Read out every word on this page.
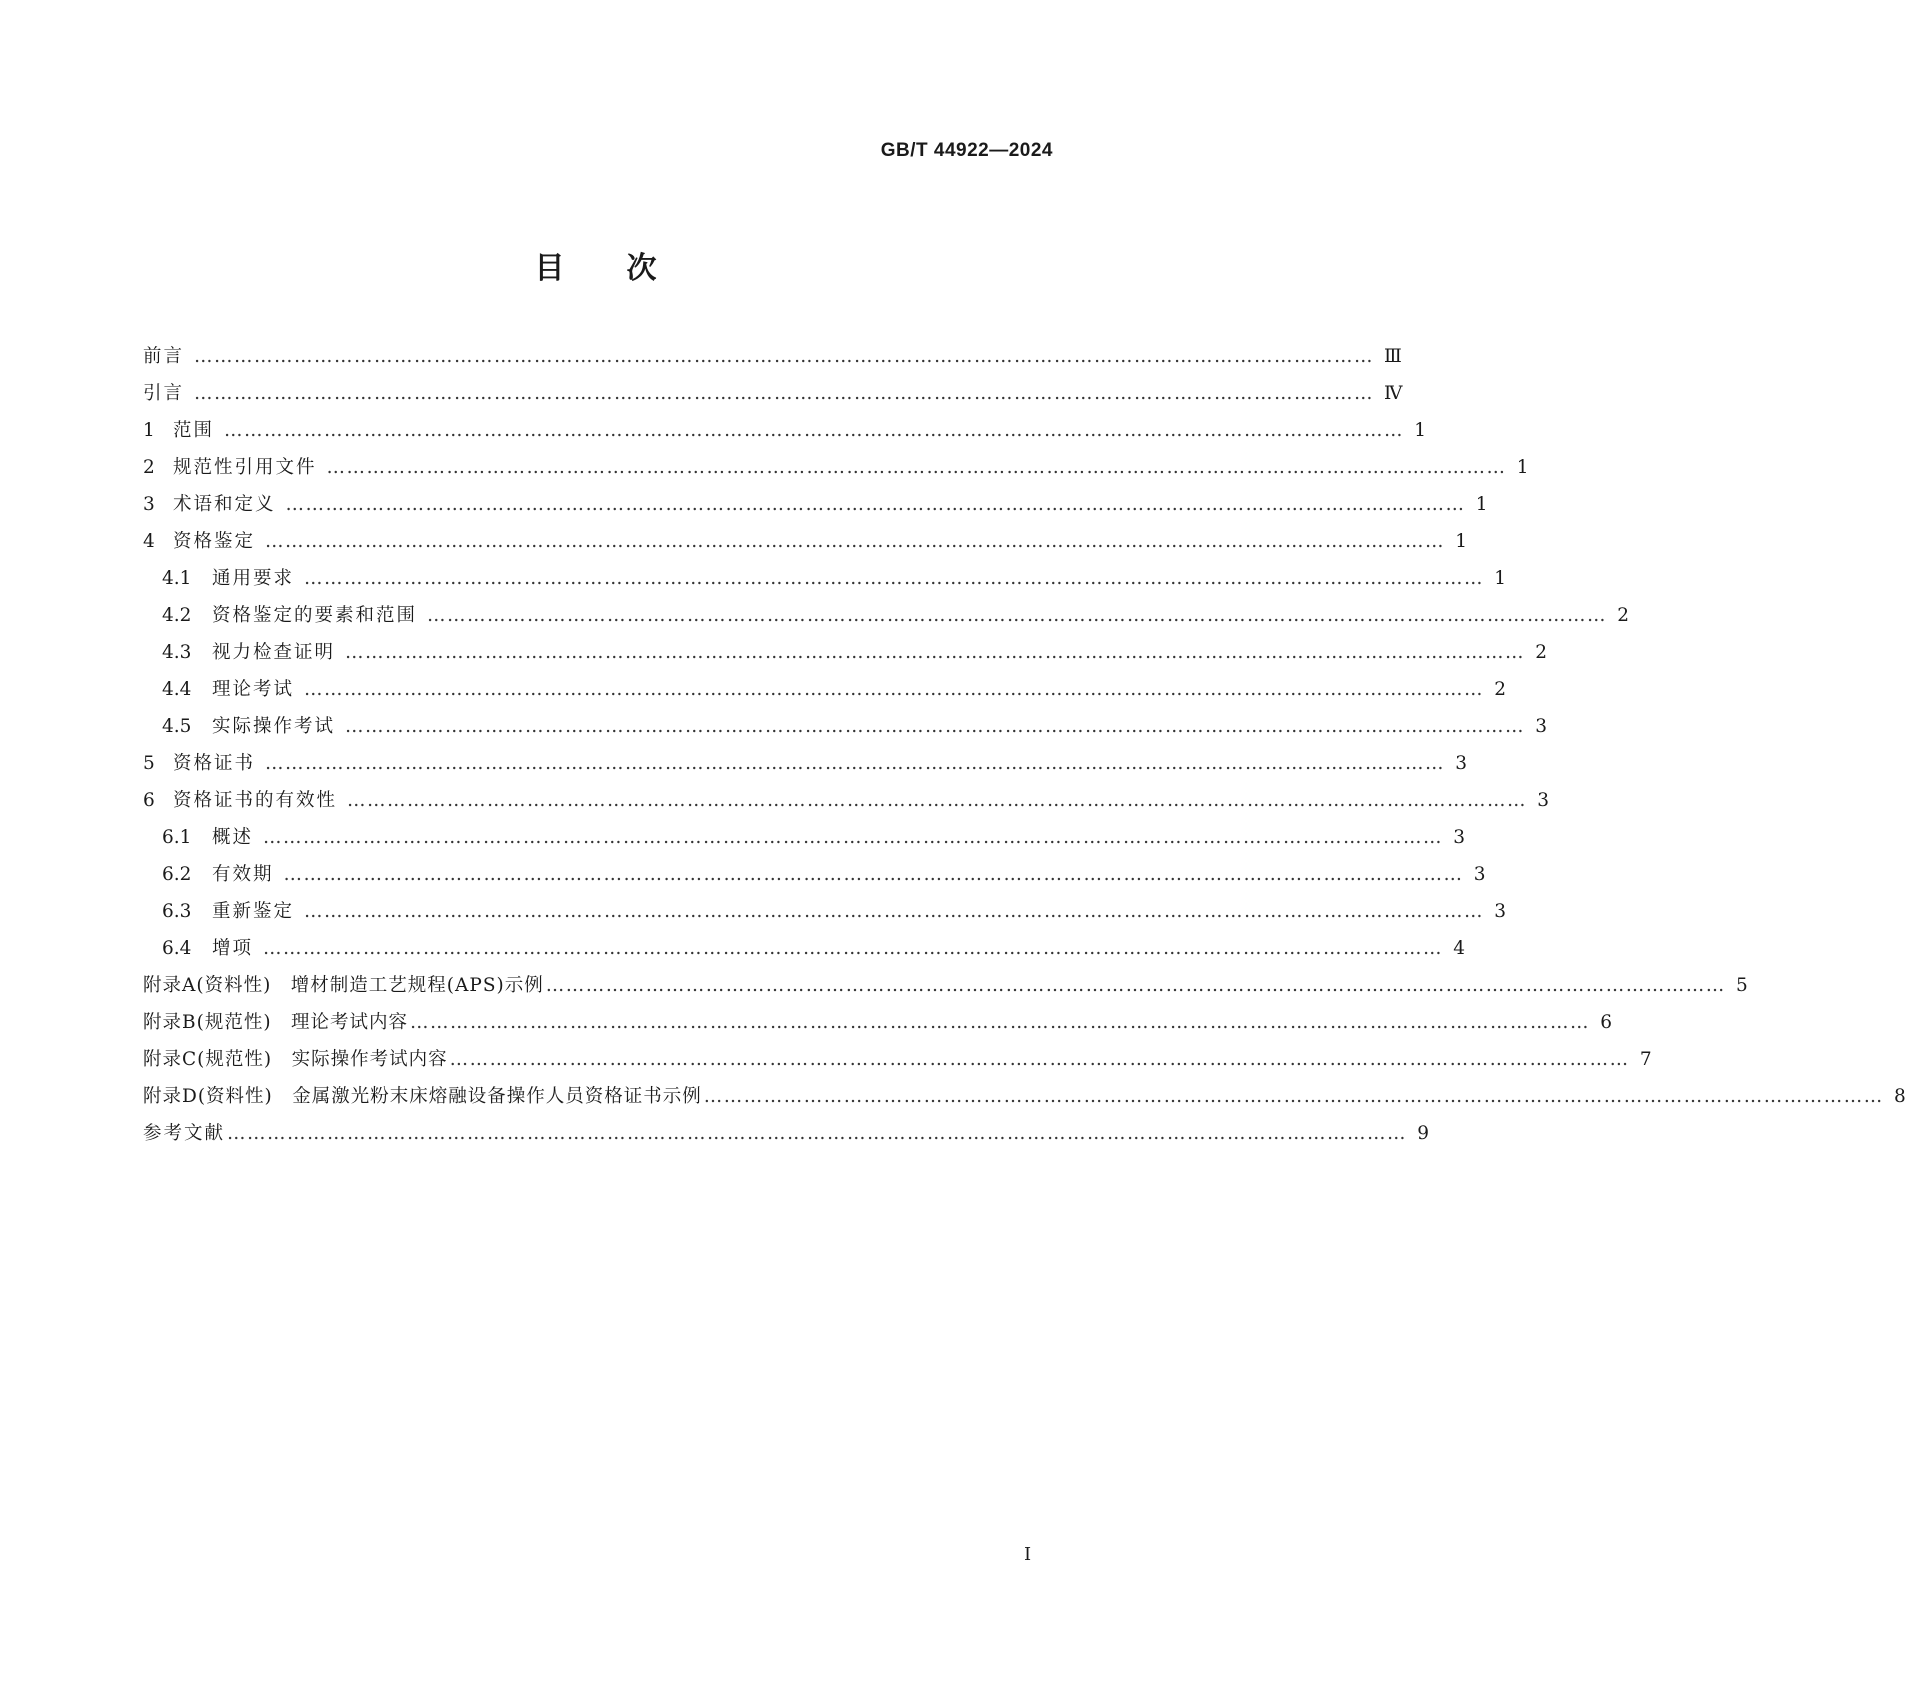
GB/T 44922—2024
目次
前言 …………………………………………………………………………………………………………………………………………………………… Ⅲ
引言 …………………………………………………………………………………………………………………………………………………………… Ⅳ
1 范围 …………………………………………………………………………………………………………………………………………………………… 1
2 规范性引用文件 …………………………………………………………………………………………………………………………………………………………… 1
3 术语和定义 …………………………………………………………………………………………………………………………………………………………… 1
4 资格鉴定 …………………………………………………………………………………………………………………………………………………………… 1
4.1	通用要求 …………………………………………………………………………………………………………………………………………………………… 1
4.2	资格鉴定的要素和范围 …………………………………………………………………………………………………………………………………………………………… 2
4.3	视力检查证明 …………………………………………………………………………………………………………………………………………………………… 2
4.4	理论考试 …………………………………………………………………………………………………………………………………………………………… 2
4.5	实际操作考试 …………………………………………………………………………………………………………………………………………………………… 3
5 资格证书 …………………………………………………………………………………………………………………………………………………………… 3
6 资格证书的有效性 …………………………………………………………………………………………………………………………………………………………… 3
6.1	概述 …………………………………………………………………………………………………………………………………………………………… 3
6.2	有效期 …………………………………………………………………………………………………………………………………………………………… 3
6.3	重新鉴定 …………………………………………………………………………………………………………………………………………………………… 3
6.4	增项 …………………………………………………………………………………………………………………………………………………………… 4
附录A(资料性)　增材制造工艺规程(APS)示例 …………………………………………………………………………………………………………………………………………………………… 5
附录B(规范性)　理论考试内容 …………………………………………………………………………………………………………………………………………………………… 6
附录C(规范性)　实际操作考试内容 …………………………………………………………………………………………………………………………………………………………… 7
附录D(资料性)　金属激光粉末床熔融设备操作人员资格证书示例 …………………………………………………………………………………………………………………………………………………………… 8
参考文献 …………………………………………………………………………………………………………………………………………………………… 9
Ⅰ
